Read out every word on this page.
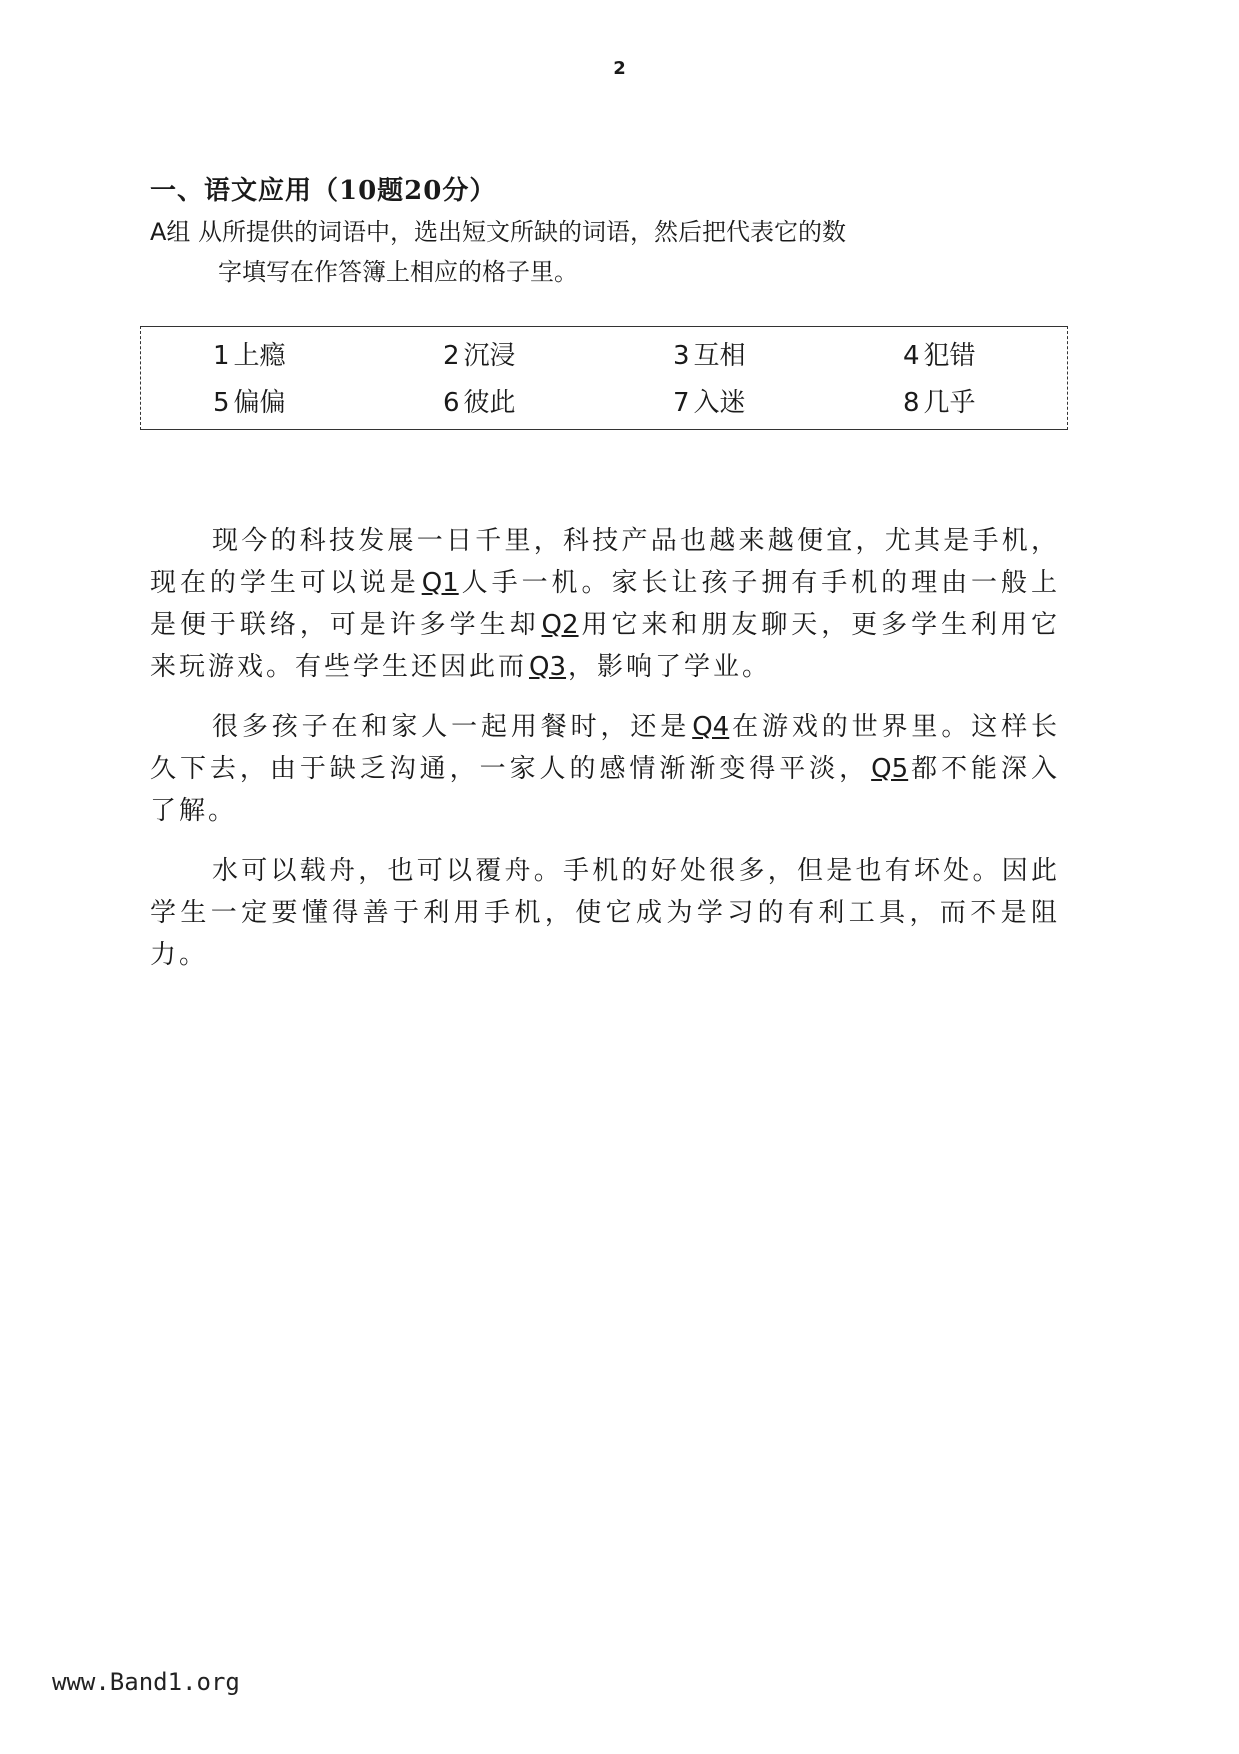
2
一、语文应用（10题20分）
A组 从所提供的词语中，选出短文所缺的词语，然后把代表它的数
字填写在作答簿上相应的格子里。
1 上瘾	2 沉浸	3 互相	4 犯错
5 偏偏	6 彼此	7 入迷	8 几乎

现今的科技发展一日千里，科技产品也越来越便宜，尤其是手机，现在的学生可以说是Q1人手一机。家长让孩子拥有手机的理由一般上是便于联络，可是许多学生却Q2用它来和朋友聊天，更多学生利用它来玩游戏。有些学生还因此而Q3，影响了学业。

很多孩子在和家人一起用餐时，还是Q4在游戏的世界里。这样长久下去，由于缺乏沟通，一家人的感情渐渐变得平淡，Q5都不能深入了解。

水可以载舟，也可以覆舟。手机的好处很多，但是也有坏处。因此学生一定要懂得善于利用手机，使它成为学习的有利工具，而不是阻力。

www.Band1.org
